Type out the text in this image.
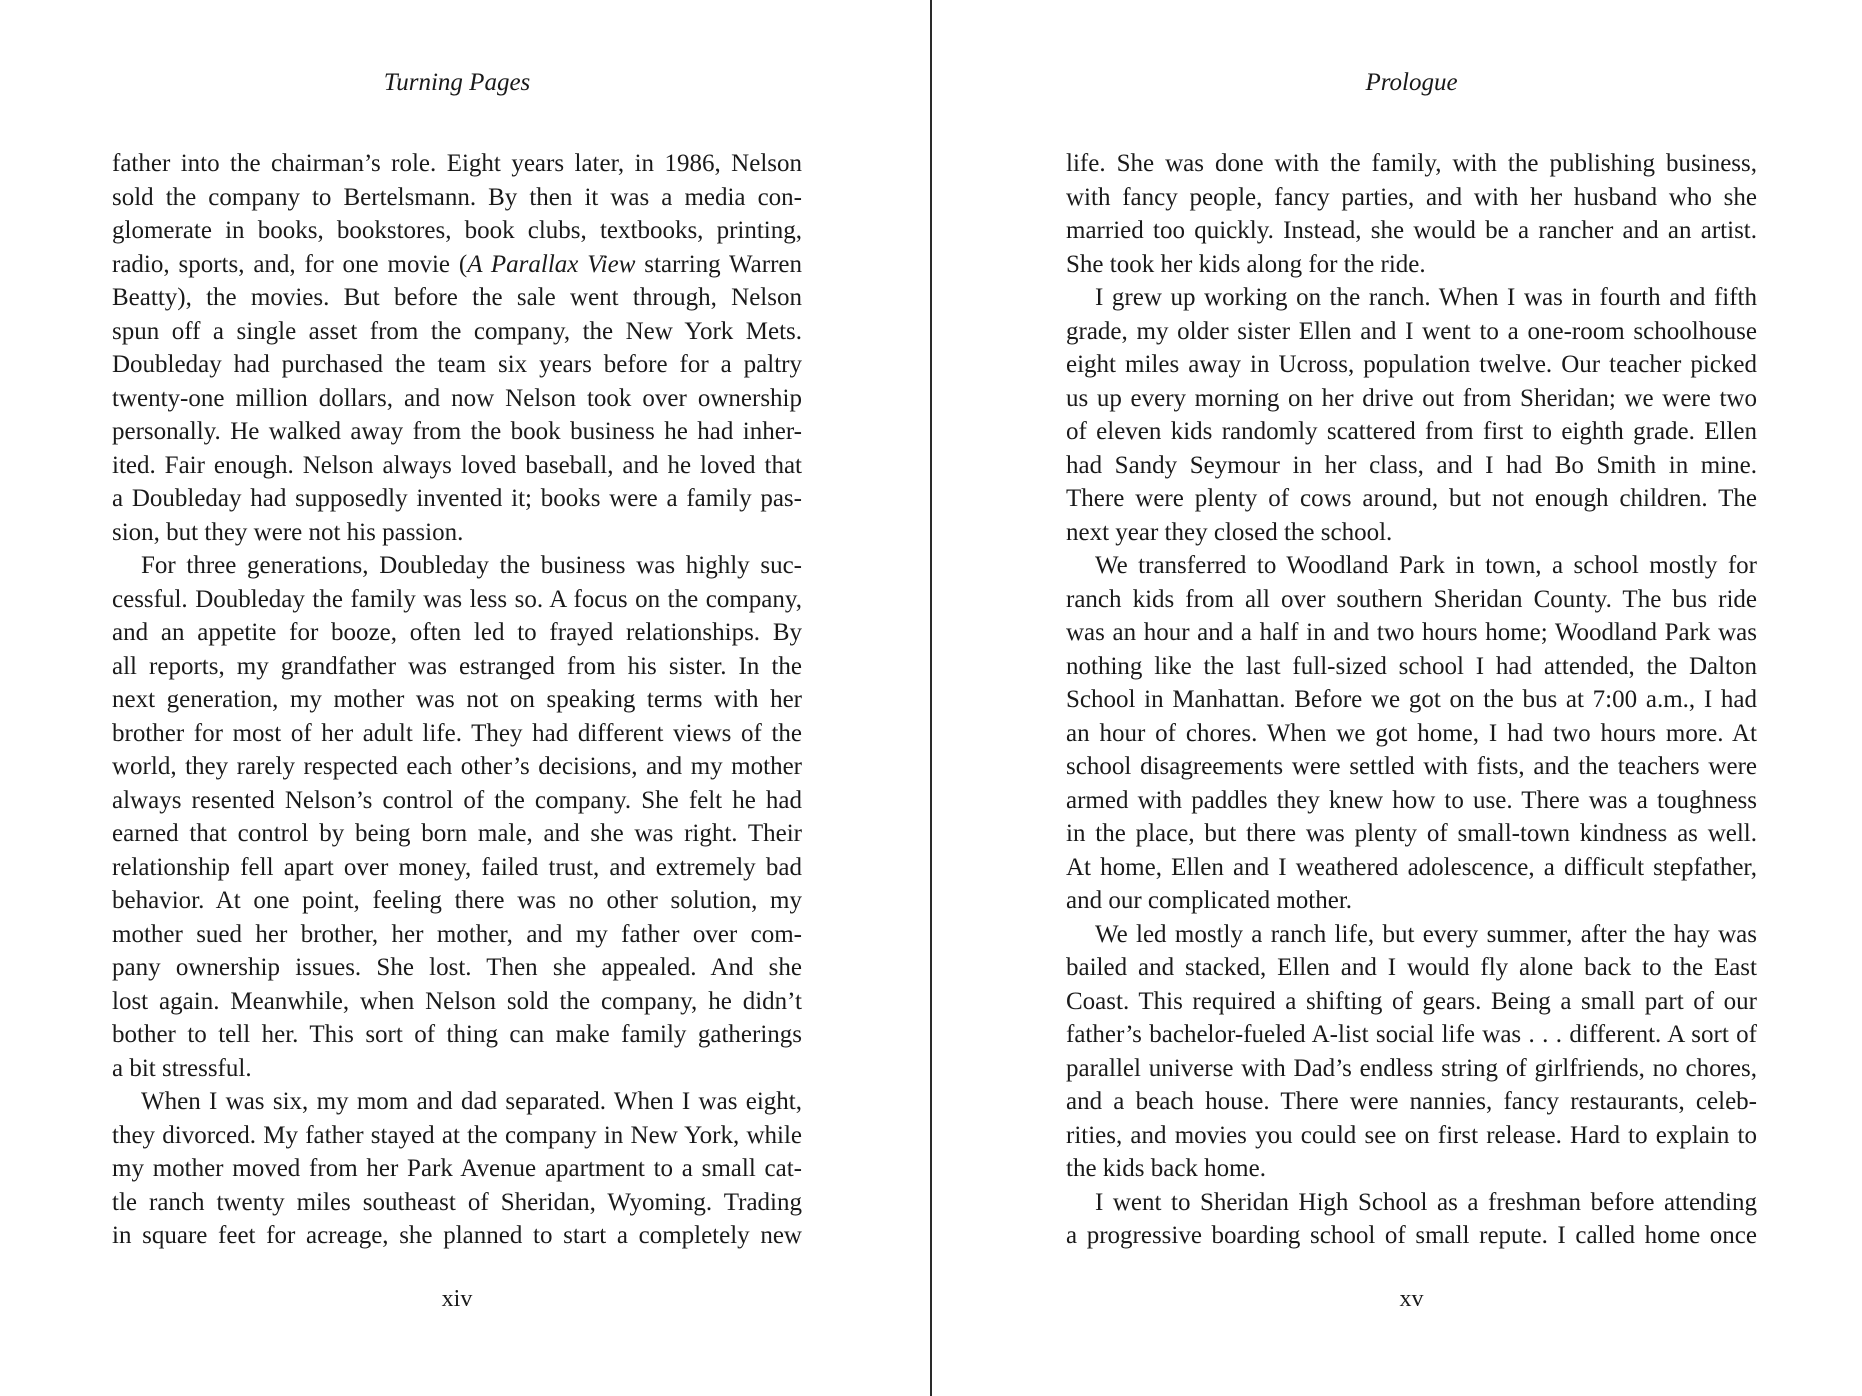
Turning Pages
father into the chairman’s role. Eight years later, in 1986, Nelson
sold the company to Bertelsmann. By then it was a media con-
glomerate in books, bookstores, book clubs, textbooks, printing,
radio, sports, and, for one movie (A Parallax View starring Warren
Beatty), the movies. But before the sale went through, Nelson
spun off a single asset from the company, the New York Mets.
Doubleday had purchased the team six years before for a paltry
twenty-one million dollars, and now Nelson took over ownership
personally. He walked away from the book business he had inher-
ited. Fair enough. Nelson always loved baseball, and he loved that
a Doubleday had supposedly invented it; books were a family pas-
sion, but they were not his passion.
For three generations, Doubleday the business was highly suc-
cessful. Doubleday the family was less so. A focus on the company,
and an appetite for booze, often led to frayed relationships. By
all reports, my grandfather was estranged from his sister. In the
next generation, my mother was not on speaking terms with her
brother for most of her adult life. They had different views of the
world, they rarely respected each other’s decisions, and my mother
always resented Nelson’s control of the company. She felt he had
earned that control by being born male, and she was right. Their
relationship fell apart over money, failed trust, and extremely bad
behavior. At one point, feeling there was no other solution, my
mother sued her brother, her mother, and my father over com-
pany ownership issues. She lost. Then she appealed. And she
lost again. Meanwhile, when Nelson sold the company, he didn’t
bother to tell her. This sort of thing can make family gatherings
a bit stressful.
When I was six, my mom and dad separated. When I was eight,
they divorced. My father stayed at the company in New York, while
my mother moved from her Park Avenue apartment to a small cat-
tle ranch twenty miles southeast of Sheridan, Wyoming. Trading
in square feet for acreage, she planned to start a completely new
xiv
Prologue
life. She was done with the family, with the publishing business,
with fancy people, fancy parties, and with her husband who she
married too quickly. Instead, she would be a rancher and an artist.
She took her kids along for the ride.
I grew up working on the ranch. When I was in fourth and fifth
grade, my older sister Ellen and I went to a one-room schoolhouse
eight miles away in Ucross, population twelve. Our teacher picked
us up every morning on her drive out from Sheridan; we were two
of eleven kids randomly scattered from first to eighth grade. Ellen
had Sandy Seymour in her class, and I had Bo Smith in mine.
There were plenty of cows around, but not enough children. The
next year they closed the school.
We transferred to Woodland Park in town, a school mostly for
ranch kids from all over southern Sheridan County. The bus ride
was an hour and a half in and two hours home; Woodland Park was
nothing like the last full-sized school I had attended, the Dalton
School in Manhattan. Before we got on the bus at 7:00 a.m., I had
an hour of chores. When we got home, I had two hours more. At
school disagreements were settled with fists, and the teachers were
armed with paddles they knew how to use. There was a toughness
in the place, but there was plenty of small-town kindness as well.
At home, Ellen and I weathered adolescence, a difficult stepfather,
and our complicated mother.
We led mostly a ranch life, but every summer, after the hay was
bailed and stacked, Ellen and I would fly alone back to the East
Coast. This required a shifting of gears. Being a small part of our
father’s bachelor-fueled A-list social life was . . . different. A sort of
parallel universe with Dad’s endless string of girlfriends, no chores,
and a beach house. There were nannies, fancy restaurants, celeb-
rities, and movies you could see on first release. Hard to explain to
the kids back home.
I went to Sheridan High School as a freshman before attending
a progressive boarding school of small repute. I called home once
xv
